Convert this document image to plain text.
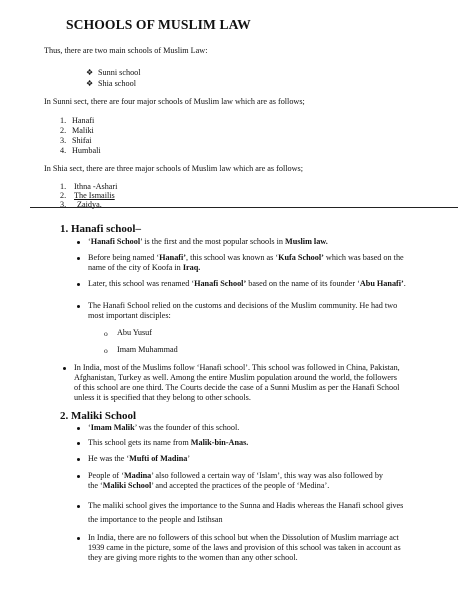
SCHOOLS OF MUSLIM LAW
Thus, there are two main schools of Muslim Law:
❖ Sunni school
❖ Shia school
In Sunni sect, there are four major schools of Muslim law which are as follows;
1. Hanafi
2. Maliki
3. Shifai
4. Humbali
In Shia sect, there are three major schools of Muslim law which are as follows;
1. Ithna -Ashari
2. The Ismailis
3. Zaidya.
1. Hanafi school–
‘Hanafi School’ is the first and the most popular schools in Muslim law.
Before being named ‘Hanafi’, this school was known as ‘Kufa School’ which was based on the
name of the city of Koofa in Iraq.
Later, this school was renamed ‘Hanafi School’ based on the name of its founder ‘Abu Hanafi’.
The Hanafi School relied on the customs and decisions of the Muslim community. He had two
most important disciples:
o Abu Yusuf
o Imam Muhammad
In India, most of the Muslims follow ‘Hanafi school’. This school was followed in China, Pakistan,
Afghanistan, Turkey as well. Among the entire Muslim population around the world, the followers
of this school are one third. The Courts decide the case of a Sunni Muslim as per the Hanafi School
unless it is specified that they belong to other schools.
2. Maliki School
‘Imam Malik’ was the founder of this school.
This school gets its name from Malik-bin-Anas.
He was the ‘Mufti of Madina’
People of ‘Madina’ also followed a certain way of ‘Islam’, this way was also followed by
the ‘Maliki School’ and accepted the practices of the people of ‘Medina’.
The maliki school gives the importance to the Sunna and Hadis whereas the Hanafi school gives
the importance to the people and Istihsan
In India, there are no followers of this school but when the Dissolution of Muslim marriage act
1939 came in the picture, some of the laws and provision of this school was taken in account as
they are giving more rights to the women than any other school.
